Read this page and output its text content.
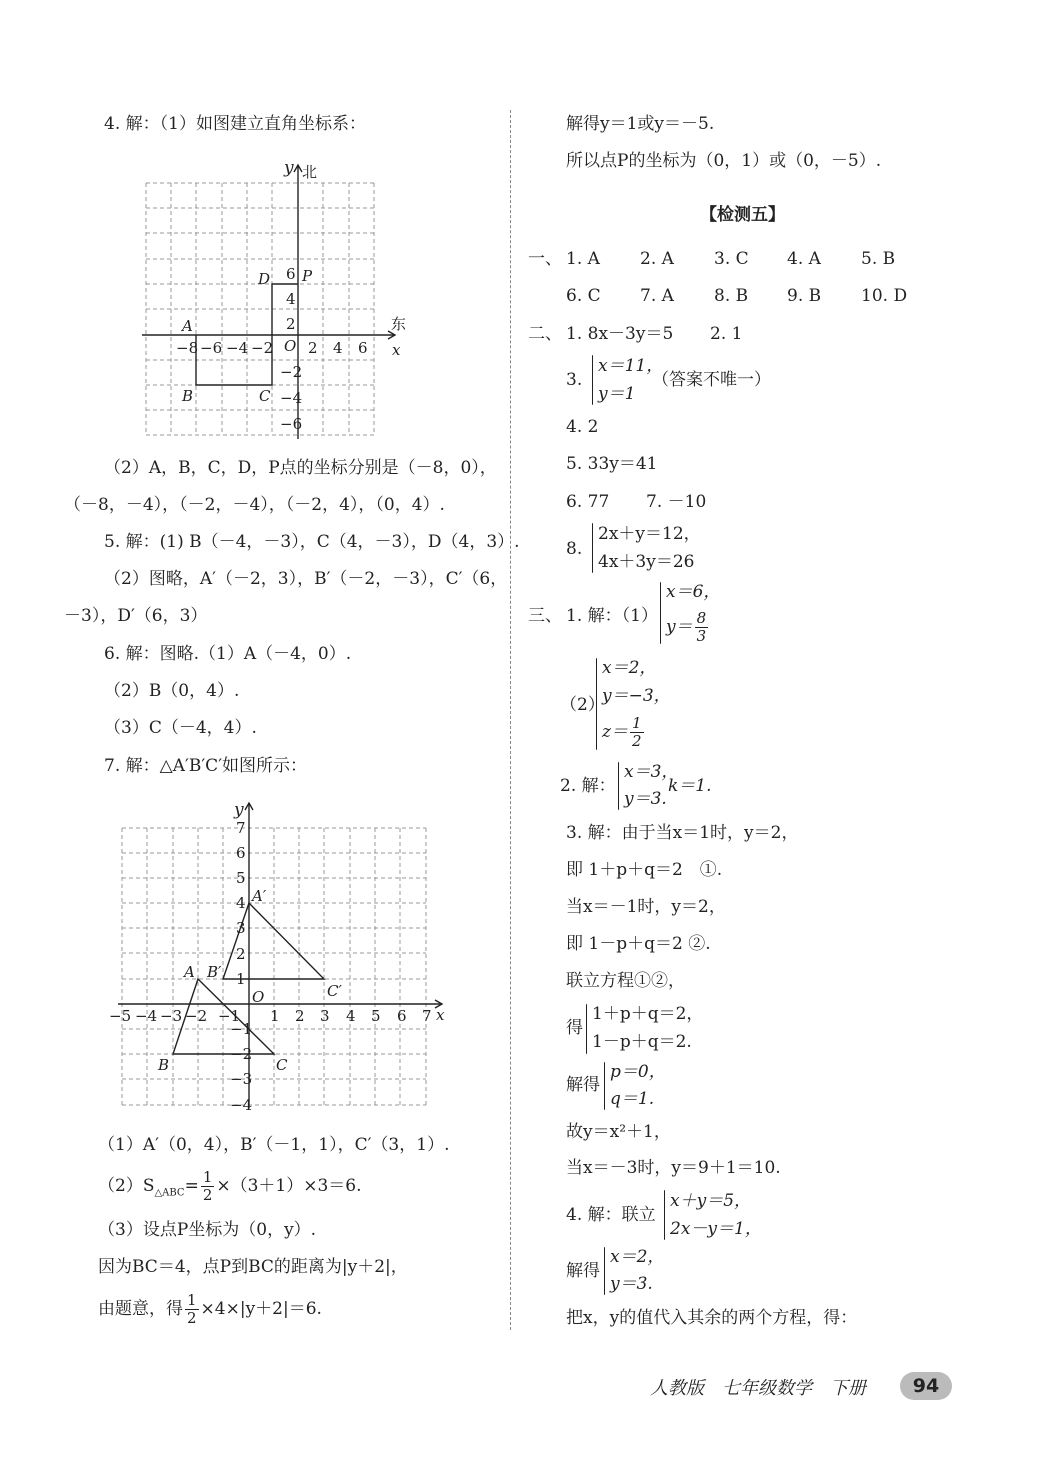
4. 解：（1）如图建立直角坐标系：
y 北
东
x
O
−8 −6 −4 −2 2 4 6
6
4
2
−2
−4
−6
A
B	C
D P
（2）A，B，C，D，P点的坐标分别是（－8，0），
（－8，－4），（－2，－4），（－2，4），（0，4）.
5. 解：(1) B（－4，－3），C（4，－3），D（4，3）.
（2）图略，A′（－2，3），B′（－2，－3），C′（6，
－3），D′（6，3）
6. 解：图略.（1）A（－4，0）.
（2）B（0，4）.
（3）C（－4，4）.
7. 解：△A′B′C′如图所示：
y
x
O
−5 −4 −3 −2 −1 1 2 3 4 5 6 7
7
6
5
4
3
2
1
−1
−2
−3
−4
A
B	C
A′
B′
C′
（1）A′（0，4），B′（－1，1），C′（3，1）.
$(2)S_{\triangle ABC}= \frac{1}{2} \times(3+1)\times 3=6$.
（3）设点P坐标为（0，y）.
因为BC＝4，点P到BC的距离为|y＋2|，
由题意，得 $\frac{1}{2} \times 4\times|y+2|=6$.
解得y＝1或y＝－5.
所以点P的坐标为（0，1）或（0，－5）.
【检测五】
一、 1. A 2. A 3. C 4. A 5. B
6. C 7. A 8. B 9. B 10. D
二、 1. 8x－3y＝5 2. 1
3.
x＝11，
y＝1
（答案不唯一）
4. 2
5. 33y＝41
6. 77 7. －10
8.
2x＋y＝12，
4x＋3y＝26
三、 1. 解：（1）
x＝6，
$y= \frac{8}{3}$
（2）
x＝2，
y＝−3，
$z= \frac{1}{2}$
2. 解：
x＝3，
y＝3.
k＝1.
3. 解：由于当x＝1时，y＝2，
即 1＋p＋q＝2　①.
当x＝－1时，y＝2，
即 1－p＋q＝2 ②.
联立方程①②，
得
1＋p＋q＝2，
1－p＋q＝2.
解得
p＝0，
q＝1.
故y＝x²＋1，
当x＝－3时，y＝9＋1＝10.
4. 解：联立
x＋y＝5，
2x－y＝1，
解得
x＝2，
y＝3.
把x，y的值代入其余的两个方程，得：
人教版　七年级数学　下册	94
